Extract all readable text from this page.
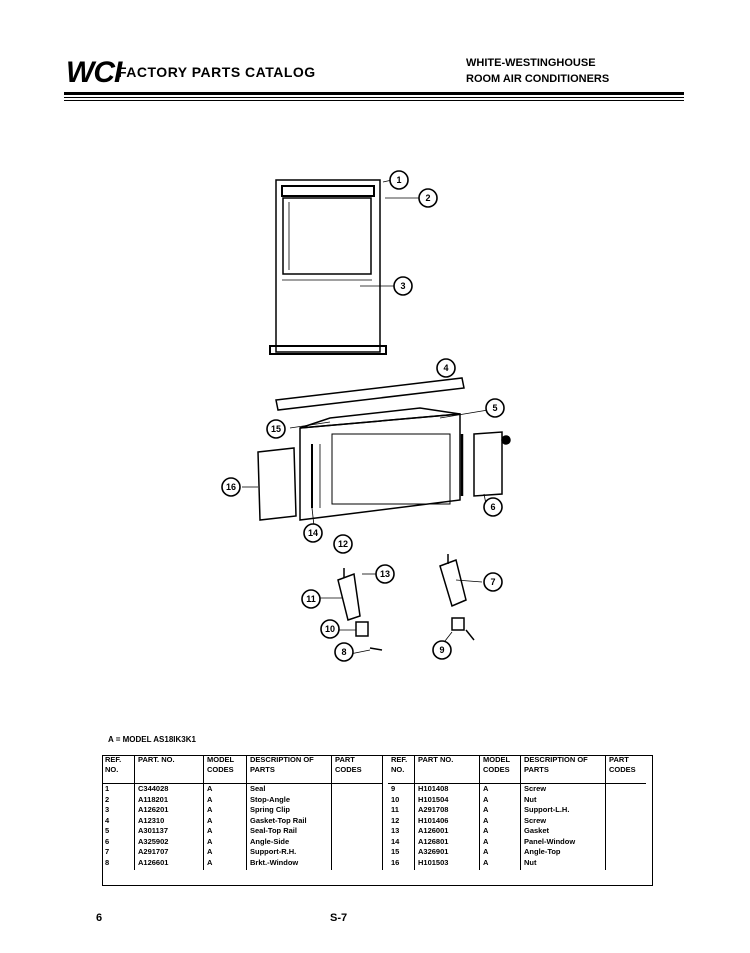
WCI
FACTORY PARTS CATALOG
WHITE-WESTINGHOUSE
ROOM AIR CONDITIONERS
1
2
3
4
5
6
7
8	9
10
11
12
13
14
15
16
A = MODEL AS18IK3K1
REF. NO.	PART. NO.	MODEL CODES	DESCRIPTION OF PARTS	PART CODES
1	C344028	A	Seal	
2	A118201	A	Stop-Angle	
3	A126201	A	Spring Clip	
4	A12310	A	Gasket-Top Rail	
5	A301137	A	Seal-Top Rail	
6	A325902	A	Angle-Side	
7	A291707	A	Support-R.H.	
8	A126601	A	Brkt.-Window	
REF. NO.	PART NO.	MODEL CODES	DESCRIPTION OF PARTS	PART CODES
9	H101408	A	Screw	
10	H101504	A	Nut	
11	A291708	A	Support-L.H.	
12	H101406	A	Screw	
13	A126001	A	Gasket	
14	A126801	A	Panel-Window	
15	A326901	A	Angle-Top	
16	H101503	A	Nut	
6	S-7
